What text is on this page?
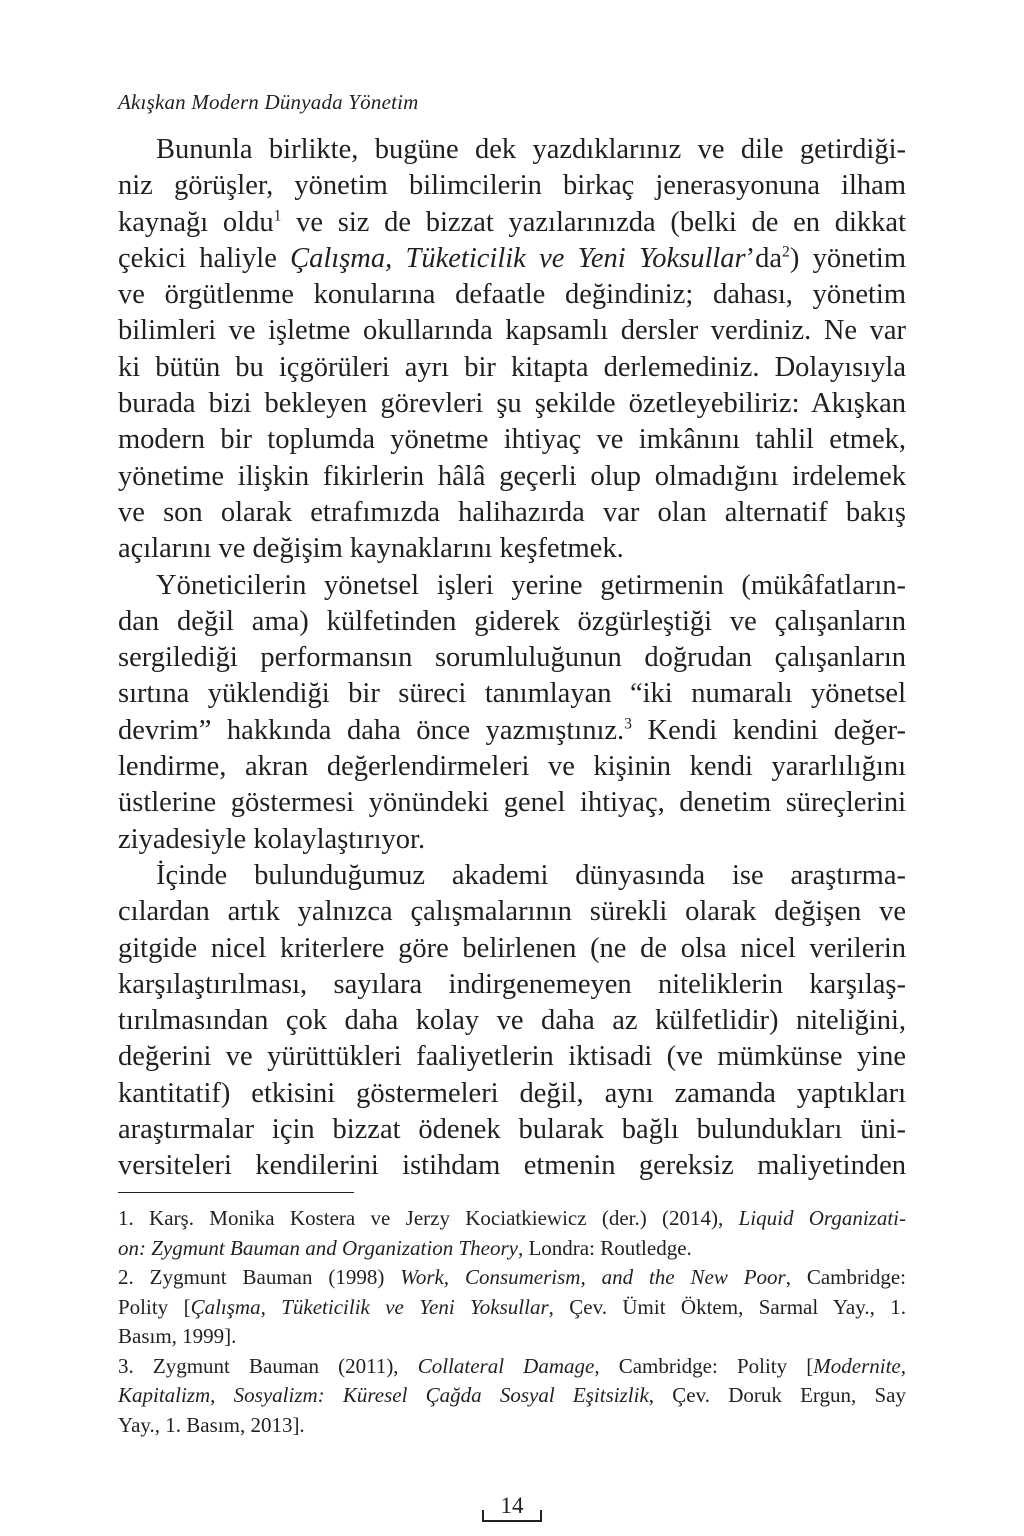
Akışkan Modern Dünyada Yönetim
Bununla birlikte, bugüne dek yazdıklarınız ve dile getirdiği-
niz görüşler, yönetim bilimcilerin birkaç jenerasyonuna ilham
kaynağı oldu$^1$ ve siz de bizzat yazılarınızda (belki de en dikkat
çekici haliyle Çalışma, Tüketicilik ve Yeni $Yoksullar’da^2$) yönetim
ve örgütlenme konularına defaatle değindiniz; dahası, yönetim
bilimleri ve işletme okullarında kapsamlı dersler verdiniz. Ne var
ki bütün bu içgörüleri ayrı bir kitapta derlemediniz. Dolayısıyla
burada bizi bekleyen görevleri şu şekilde özetleyebiliriz: Akışkan
modern bir toplumda yönetme ihtiyaç ve imkânını tahlil etmek,
yönetime ilişkin fikirlerin hâlâ geçerli olup olmadığını irdelemek
ve son olarak etrafımızda halihazırda var olan alternatif bakış
açılarını ve değişim kaynaklarını keşfetmek.
Yöneticilerin yönetsel işleri yerine getirmenin (mükâfatların-
dan değil ama) külfetinden giderek özgürleştiği ve çalışanların
sergilediği performansın sorumluluğunun doğrudan çalışanların
sırtına yüklendiği bir süreci tanımlayan “iki numaralı yönetsel
devrim” hakkında daha önce yazmıştınız.$^3$ Kendi kendini değer-
lendirme, akran değerlendirmeleri ve kişinin kendi yararlılığını
üstlerine göstermesi yönündeki genel ihtiyaç, denetim süreçlerini
ziyadesiyle kolaylaştırıyor.
İçinde bulunduğumuz akademi dünyasında ise araştırma-
cılardan artık yalnızca çalışmalarının sürekli olarak değişen ve
gitgide nicel kriterlere göre belirlenen (ne de olsa nicel verilerin
karşılaştırılması, sayılara indirgenemeyen niteliklerin karşılaş-
tırılmasından çok daha kolay ve daha az külfetlidir) niteliğini,
değerini ve yürüttükleri faaliyetlerin iktisadi (ve mümkünse yine
kantitatif) etkisini göstermeleri değil, aynı zamanda yaptıkları
araştırmalar için bizzat ödenek bularak bağlı bulundukları üni-
versiteleri kendilerini istihdam etmenin gereksiz maliyetinden
1. Karş. Monika Kostera ve Jerzy Kociatkiewicz (der.) (2014), Liquid Organizati-
on: Zygmunt Bauman and Organization Theory, Londra: Routledge.
2. Zygmunt Bauman (1998) Work, Consumerism, and the New Poor, Cambridge:
Polity [Çalışma, Tüketicilik ve Yeni Yoksullar, Çev. Ümit Öktem, Sarmal Yay., 1.
Basım, 1999].
3. Zygmunt Bauman (2011), Collateral Damage, Cambridge: Polity [Modernite,
Kapitalizm, Sosyalizm: Küresel Çağda Sosyal Eşitsizlik, Çev. Doruk Ergun, Say
Yay., 1. Basım, 2013].
14
